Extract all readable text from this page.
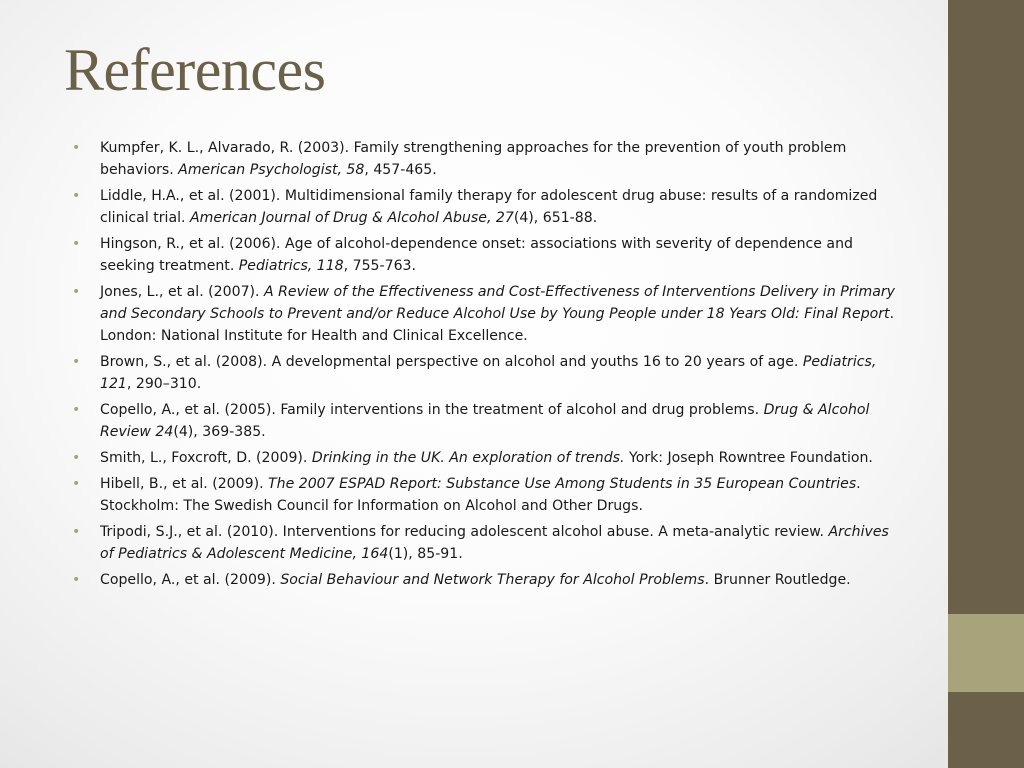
References
• Kumpfer, K. L., Alvarado, R. (2003). Family strengthening approaches for the prevention of youth problem behaviors. American Psychologist, 58, 457-465.
• Liddle, H.A., et al. (2001). Multidimensional family therapy for adolescent drug abuse: results of a randomized clinical trial. American Journal of Drug & Alcohol Abuse, 27(4), 651-88.
• Hingson, R., et al. (2006). Age of alcohol-dependence onset: associations with severity of dependence and seeking treatment. Pediatrics, 118, 755-763.
• Jones, L., et al. (2007). A Review of the Effectiveness and Cost-Effectiveness of Interventions Delivery in Primary and Secondary Schools to Prevent and/or Reduce Alcohol Use by Young People under 18 Years Old: Final Report. London: National Institute for Health and Clinical Excellence.
• Brown, S., et al. (2008). A developmental perspective on alcohol and youths 16 to 20 years of age. Pediatrics, 121, 290–310.
• Copello, A., et al. (2005). Family interventions in the treatment of alcohol and drug problems. Drug & Alcohol Review 24(4), 369-385.
• Smith, L., Foxcroft, D. (2009). Drinking in the UK. An exploration of trends. York: Joseph Rowntree Foundation.
• Hibell, B., et al. (2009). The 2007 ESPAD Report: Substance Use Among Students in 35 European Countries. Stockholm: The Swedish Council for Information on Alcohol and Other Drugs.
• Tripodi, S.J., et al. (2010). Interventions for reducing adolescent alcohol abuse. A meta-analytic review. Archives of Pediatrics & Adolescent Medicine, 164(1), 85-91.
• Copello, A., et al. (2009). Social Behaviour and Network Therapy for Alcohol Problems. Brunner Routledge.
